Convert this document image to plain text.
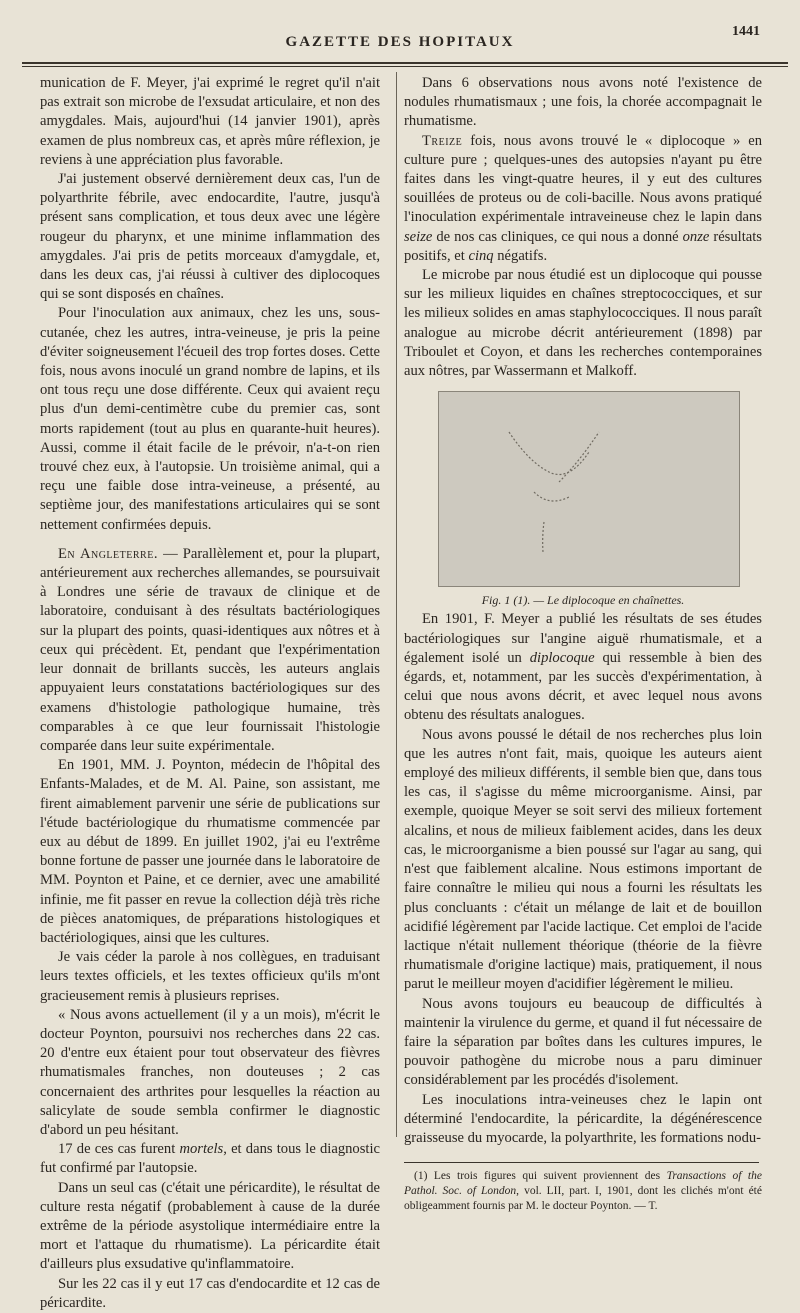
GAZETTE DES HOPITAUX
1441

munication de F. Meyer, j'ai exprimé le regret qu'il n'ait pas extrait son microbe de l'exsudat articulaire, et non des amygdales. Mais, aujourd'hui (14 janvier 1901), après examen de plus nombreux cas, et après mûre réflexion, je reviens à une appréciation plus favorable.

J'ai justement observé dernièrement deux cas, l'un de polyarthrite fébrile, avec endocardite, l'autre, jusqu'à présent sans complication, et tous deux avec une légère rougeur du pharynx, et une minime inflammation des amygdales. J'ai pris de petits morceaux d'amygdale, et, dans les deux cas, j'ai réussi à cultiver des diplocoques qui se sont disposés en chaînes.

Pour l'inoculation aux animaux, chez les uns, sous-cutanée, chez les autres, intra-veineuse, je pris la peine d'éviter soigneusement l'écueil des trop fortes doses. Cette fois, nous avons inoculé un grand nombre de lapins, et ils ont tous reçu une dose différente. Ceux qui avaient reçu plus d'un demi-centimètre cube du premier cas, sont morts rapidement (tout au plus en quarante-huit heures). Aussi, comme il était facile de le prévoir, n'a-t-on rien trouvé chez eux, à l'autopsie. Un troisième animal, qui a reçu une faible dose intra-veineuse, a présenté, au septième jour, des manifestations articulaires qui se sont nettement confirmées depuis.

En Angleterre. — Parallèlement et, pour la plupart, antérieurement aux recherches allemandes, se poursuivait à Londres une série de travaux de clinique et de laboratoire, conduisant à des résultats bactériologiques sur la plupart des points, quasi-identiques aux nôtres et à ceux qui précèdent. Et, pendant que l'expérimentation leur donnait de brillants succès, les auteurs anglais appuyaient leurs constatations bactériologiques sur des examens d'histologie pathologique humaine, très comparables à ce que leur fournissait l'histologie comparée dans leur suite expérimentale.

En 1901, MM. J. Poynton, médecin de l'hôpital des Enfants-Malades, et de M. Al. Paine, son assistant, me firent aimablement parvenir une série de publications sur l'étude bactériologique du rhumatisme commencée par eux au début de 1899. En juillet 1902, j'ai eu l'extrême bonne fortune de passer une journée dans le laboratoire de MM. Poynton et Paine, et ce dernier, avec une amabilité infinie, me fit passer en revue la collection déjà très riche de pièces anatomiques, de préparations histologiques et bactériologiques, ainsi que les cultures.

Je vais céder la parole à nos collègues, en traduisant leurs textes officiels, et les textes officieux qu'ils m'ont gracieusement remis à plusieurs reprises.

« Nous avons actuellement (il y a un mois), m'écrit le docteur Poynton, poursuivi nos recherches dans 22 cas. 20 d'entre eux étaient pour tout observateur des fièvres rhumatismales franches, non douteuses ; 2 cas concernaient des arthrites pour lesquelles la réaction au salicylate de soude sembla confirmer le diagnostic d'abord un peu hésitant.

17 de ces cas furent mortels, et dans tous le diagnostic fut confirmé par l'autopsie.

Dans un seul cas (c'était une péricardite), le résultat de culture resta négatif (probablement à cause de la durée extrême de la période asystolique intermédiaire entre la mort et l'attaque du rhumatisme). La péricardite était d'ailleurs plus exsudative qu'inflammatoire.

Sur les 22 cas il y eut 17 cas d'endocardite et 12 cas de péricardite.

Dans 6 observations nous avons noté l'existence de nodules rhumatismaux ; une fois, la chorée accompagnait le rhumatisme.

Treize fois, nous avons trouvé le « diplocoque » en culture pure ; quelques-unes des autopsies n'ayant pu être faites dans les vingt-quatre heures, il y eut des cultures souillées de proteus ou de coli-bacille. Nous avons pratiqué l'inoculation expérimentale intraveineuse chez le lapin dans seize de nos cas cliniques, ce qui nous a donné onze résultats positifs, et cinq négatifs.

Le microbe par nous étudié est un diplocoque qui pousse sur les milieux liquides en chaînes streptococciques, et sur les milieux solides en amas staphylococciques. Il nous paraît analogue au microbe décrit antérieurement (1898) par Triboulet et Coyon, et dans les recherches contemporaines aux nôtres, par Wassermann et Malkoff.

Fig. 1 (1). — Le diplocoque en chaînettes.

En 1901, F. Meyer a publié les résultats de ses études bactériologiques sur l'angine aiguë rhumatismale, et a également isolé un diplocoque qui ressemble à bien des égards, et, notamment, par les succès d'expérimentation, à celui que nous avons décrit, et avec lequel nous avons obtenu des résultats analogues.

Nous avons poussé le détail de nos recherches plus loin que les autres n'ont fait, mais, quoique les auteurs aient employé des milieux différents, il semble bien que, dans tous les cas, il s'agisse du même microorganisme. Ainsi, par exemple, quoique Meyer se soit servi des milieux fortement alcalins, et nous de milieux faiblement acides, dans les deux cas, le microorganisme a bien poussé sur l'agar au sang, qui n'est que faiblement alcaline. Nous estimons important de faire connaître le milieu qui nous a fourni les résultats les plus concluants : c'était un mélange de lait et de bouillon acidifié légèrement par l'acide lactique. Cet emploi de l'acide lactique n'était nullement théorique (théorie de la fièvre rhumatismale d'origine lactique) mais, pratiquement, il nous parut le meilleur moyen d'acidifier légèrement le milieu.

Nous avons toujours eu beaucoup de difficultés à maintenir la virulence du germe, et quand il fut nécessaire de faire la séparation par boîtes dans les cultures impures, le pouvoir pathogène du microbe nous a paru diminuer considérablement par les procédés d'isolement.

Les inoculations intra-veineuses chez le lapin ont déterminé l'endocardite, la péricardite, la dégénérescence graisseuse du myocarde, la polyarthrite, les formations nodu-

(1) Les trois figures qui suivent proviennent des Transactions of the Pathol. Soc. of London, vol. LII, part. I, 1901, dont les clichés m'ont été obligeamment fournis par M. le docteur Poynton. — T.
